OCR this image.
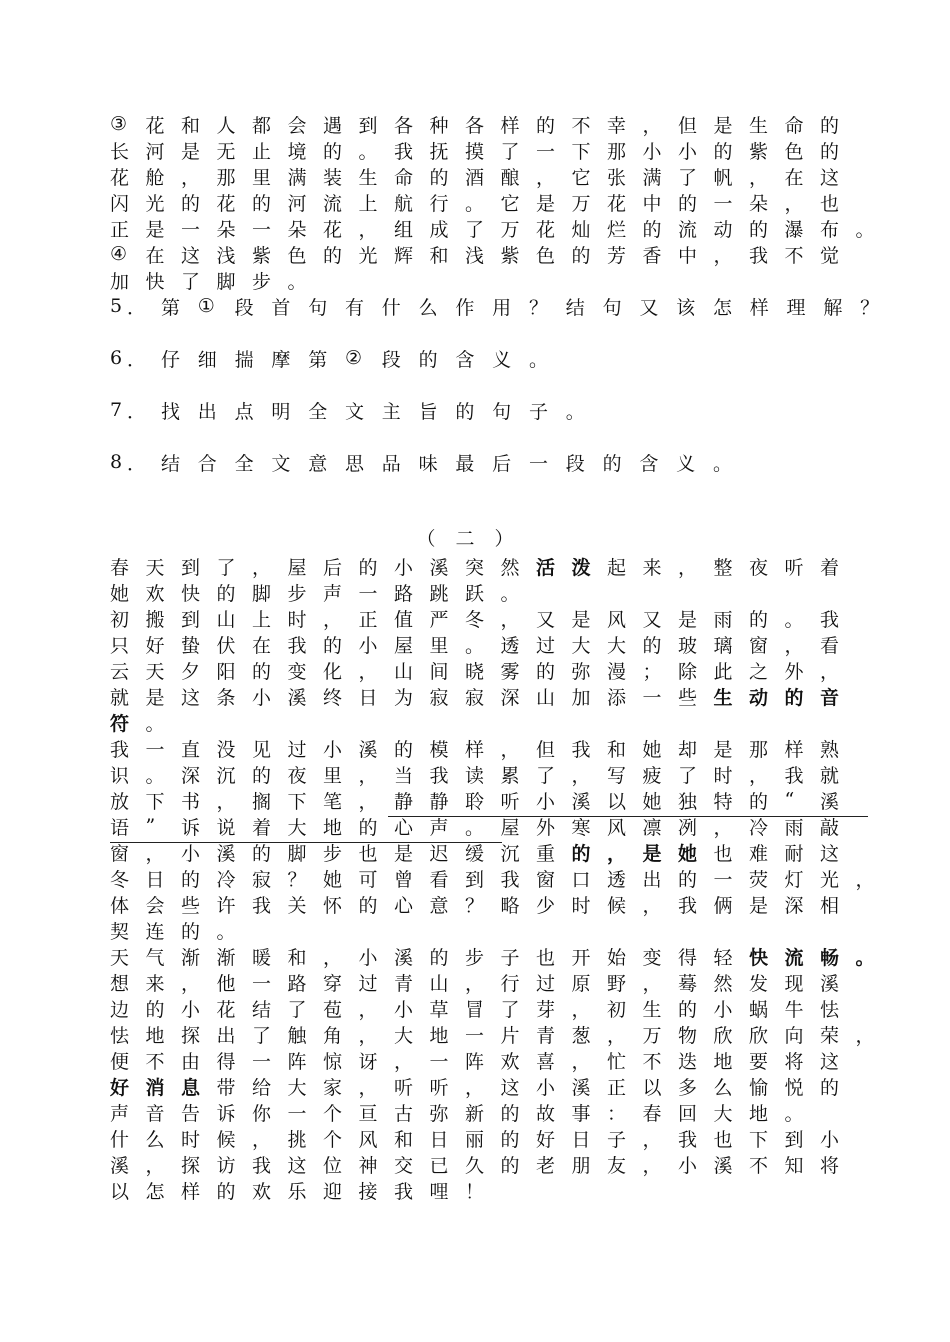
③ 花 和 人 都 会 遇 到 各 种 各 样 的 不 幸 ， 但 是 生 命 的
长 河 是 无 止 境 的 。 我 抚 摸 了 一 下 那 小 小 的 紫 色 的
花 舱 ， 那 里 满 装 生 命 的 酒 酿 ， 它 张 满 了 帆 ， 在 这
闪 光 的 花 的 河 流 上 航 行 。 它 是 万 花 中 的 一 朵 ， 也
正 是 一 朵 一 朵 花 ， 组 成 了 万 花 灿 烂 的 流 动 的 瀑 布 。
④ 在 这 浅 紫 色 的 光 辉 和 浅 紫 色 的 芳 香 中 ， 我 不 觉
加 快 了 脚 步 。
5 ． 第 ①	段 首 句 有 什 么 作 用 ？ 结 句 又 该 怎 样 理 解 ？
6 ． 仔 细 揣 摩 第 ②	段 的 含 义 。
7 ． 找 出 点 明 全 文 主 旨 的 句 子 。
8 ． 结 合 全 文 意 思 品 味 最 后 一 段 的 含 义 。
（二）
春 天 到 了 ， 屋 后 的 小 溪 突 然 活 泼 起 来 ， 整 夜 听 着
她 欢 快 的 脚 步 声 一 路 跳 跃 。
初 搬 到 山 上 时 ， 正 值 严 冬 ， 又 是 风 又 是 雨 的 。 我
只 好 蛰 伏 在 我 的 小 屋 里 。 透 过 大 大 的 玻 璃 窗 ， 看
云 天 夕 阳 的 变 化 ， 山 间 晓 雾 的 弥 漫 ； 除 此 之 外 ，
就 是 这 条 小 溪 终 日 为 寂 寂 深 山 加 添 一 些 生 动 的 音
符 。
我 一 直 没 见 过 小 溪 的 模 样 ， 但 我 和 她 却 是 那 样 熟
识 。 深 沉 的 夜 里 ， 当 我 读 累 了 ， 写 疲 了 时 ， 我 就
放 下 书 ， 搁 下 笔 ， 静 静 聆 听 小 溪 以 她 独 特 的 “	溪
语 ”	诉 说 着 大 地 的 心 声 。 屋 外 寒 风 凛 冽 ， 冷 雨 敲
窗 ， 小 溪 的 脚 步 也 是 迟 缓 沉 重 的 ， 是 她 也 难 耐 这
冬 日 的 冷 寂 ？ 她 可 曾 看 到 我 窗 口 透 出 的 一 荧 灯 光 ，
体 会 些 许 我 关 怀 的 心 意 ？ 略 少 时 候 ， 我 俩 是 深 相
契 连 的 。
天 气 渐 渐 暖 和 ， 小 溪 的 步 子 也 开 始 变 得 轻 快 流 畅 。
想 来 ， 他 一 路 穿 过 青 山 ， 行 过 原 野 ， 蓦 然 发 现 溪
边 的 小 花 结 了 苞 ， 小 草 冒 了 芽 ， 初 生 的 小 蜗 牛 怯
怯 地 探 出 了 触 角 ， 大 地 一 片 青 葱 ， 万 物 欣 欣 向 荣 ，
便 不 由 得 一 阵 惊 讶 ， 一 阵 欢 喜 ， 忙 不 迭 地 要 将 这
好 消 息 带 给 大 家 ， 听 听 ， 这 小 溪 正 以 多 么 愉 悦 的
声 音 告 诉 你 一 个 亘 古 弥 新 的 故 事 ： 春 回 大 地 。
什 么 时 候 ， 挑 个 风 和 日 丽 的 好 日 子 ， 我 也 下 到 小
溪 ， 探 访 我 这 位 神 交 已 久 的 老 朋 友 ， 小 溪 不 知 将
以 怎 样 的 欢 乐 迎 接 我 哩 ！
